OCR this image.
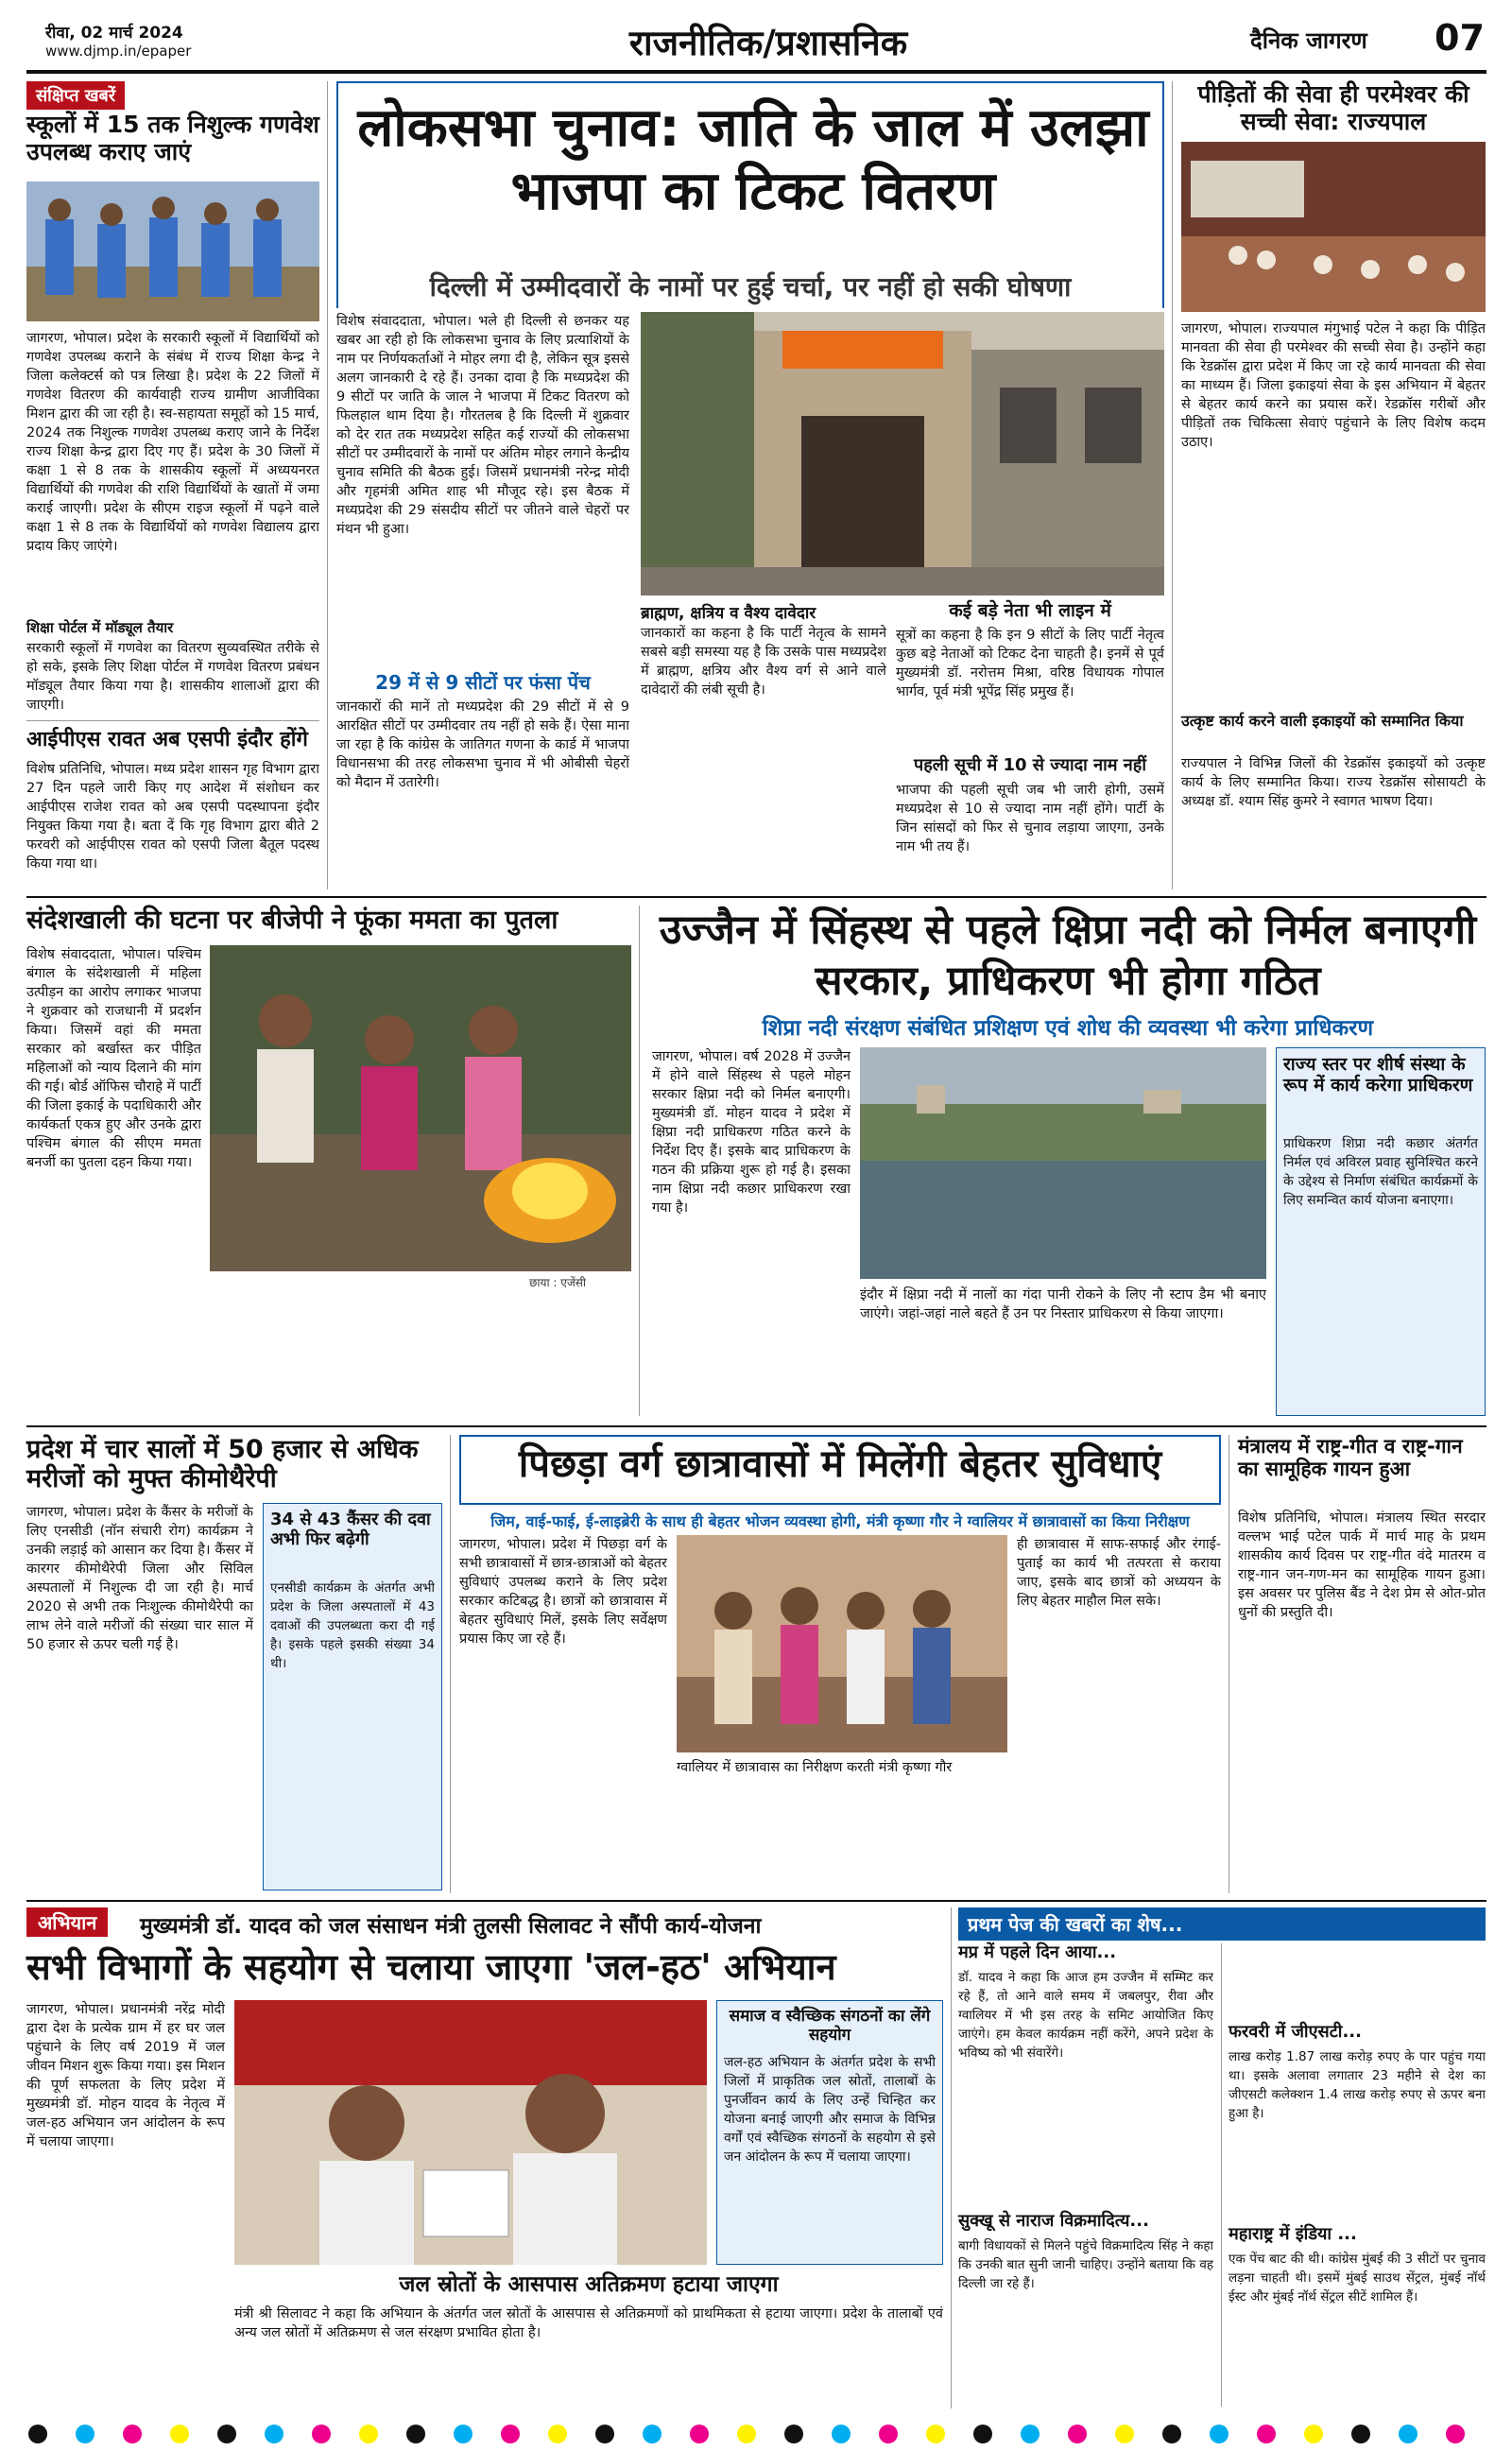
रीवा, 02 मार्च 2024
www.djmp.in/epaper	राजनीतिक/प्रशासनिक	दैनिक जागरण 07
संक्षिप्त खबरें
स्कूलों में 15 तक निशुल्क गणवेश उपलब्ध कराए जाएं
जागरण, भोपाल। प्रदेश के सरकारी स्कूलों में विद्यार्थियों को गणवेश उपलब्ध कराने के संबंध में राज्य शिक्षा केन्द्र ने जिला कलेक्टर्स को पत्र लिखा है। प्रदेश के 22 जिलों में गणवेश वितरण की कार्यवाही राज्य ग्रामीण आजीविका मिशन द्वारा की जा रही है। स्व-सहायता समूहों को 15 मार्च, 2024 तक निशुल्क गणवेश उपलब्ध कराए जाने के निर्देश राज्य शिक्षा केन्द्र द्वारा दिए गए हैं। प्रदेश के 30 जिलों में कक्षा 1 से 8 तक के शासकीय स्कूलों में अध्ययनरत विद्यार्थियों की गणवेश की राशि विद्यार्थियों के खातों में जमा कराई जाएगी। प्रदेश के सीएम राइज स्कूलों में पढ़ने वाले कक्षा 1 से 8 तक के विद्यार्थियों को गणवेश विद्यालय द्वारा प्रदाय किए जाएंगे।
शिक्षा पोर्टल में मॉड्यूल तैयार
सरकारी स्कूलों में गणवेश का वितरण सुव्यवस्थित तरीके से हो सके, इसके लिए शिक्षा पोर्टल में गणवेश वितरण प्रबंधन मॉड्यूल तैयार किया गया है। शासकीय शालाओं द्वारा की जाएगी।
आईपीएस रावत अब एसपी इंदौर होंगे
विशेष प्रतिनिधि, भोपाल। मध्य प्रदेश शासन गृह विभाग द्वारा 27 दिन पहले जारी किए गए आदेश में संशोधन कर आईपीएस राजेश रावत को अब एसपी पदस्थापना इंदौर नियुक्त किया गया है। बता दें कि गृह विभाग द्वारा बीते 2 फरवरी को आईपीएस रावत को एसपी जिला बैतूल पदस्थ किया गया था।
लोकसभा चुनाव: जाति के जाल में उलझा भाजपा का टिकट वितरण
दिल्ली में उम्मीदवारों के नामों पर हुई चर्चा, पर नहीं हो सकी घोषणा
विशेष संवाददाता, भोपाल। भले ही दिल्ली से छनकर यह खबर आ रही हो कि लोकसभा चुनाव के लिए प्रत्याशियों के नाम पर निर्णयकर्ताओं ने मोहर लगा दी है, लेकिन सूत्र इससे अलग जानकारी दे रहे हैं। उनका दावा है कि मध्यप्रदेश की 9 सीटों पर जाति के जाल ने भाजपा में टिकट वितरण को फिलहाल थाम दिया है। गौरतलब है कि दिल्ली में शुक्रवार को देर रात तक मध्यप्रदेश सहित कई राज्यों की लोकसभा सीटों पर उम्मीदवारों के नामों पर अंतिम मोहर लगाने केन्द्रीय चुनाव समिति की बैठक हुई। जिसमें प्रधानमंत्री नरेन्द्र मोदी और गृहमंत्री अमित शाह भी मौजूद रहे। इस बैठक में मध्यप्रदेश की 29 संसदीय सीटों पर जीतने वाले चेहरों पर मंथन भी हुआ।
29 में से 9 सीटों पर फंसा पेंच
जानकारों की मानें तो मध्यप्रदेश की 29 सीटों में से 9 आरक्षित सीटों पर उम्मीदवार तय नहीं हो सके हैं। ऐसा माना जा रहा है कि कांग्रेस के जातिगत गणना के कार्ड में भाजपा विधानसभा की तरह लोकसभा चुनाव में भी ओबीसी चेहरों को मैदान में उतारेगी।
ब्राह्मण, क्षत्रिय व वैश्य दावेदार
जानकारों का कहना है कि पार्टी नेतृत्व के सामने सबसे बड़ी समस्या यह है कि उसके पास मध्यप्रदेश में ब्राह्मण, क्षत्रिय और वैश्य वर्ग से आने वाले दावेदारों की लंबी सूची है।
कई बड़े नेता भी लाइन में
सूत्रों का कहना है कि इन 9 सीटों के लिए पार्टी नेतृत्व कुछ बड़े नेताओं को टिकट देना चाहती है। इनमें से पूर्व मुख्यमंत्री डॉ. नरोत्तम मिश्रा, वरिष्ठ विधायक गोपाल भार्गव, पूर्व मंत्री भूपेंद्र सिंह प्रमुख हैं।
पहली सूची में 10 से ज्यादा नाम नहीं
भाजपा की पहली सूची जब भी जारी होगी, उसमें मध्यप्रदेश से 10 से ज्यादा नाम नहीं होंगे। पार्टी के जिन सांसदों को फिर से चुनाव लड़ाया जाएगा, उनके नाम भी तय हैं।
पीड़ितों की सेवा ही परमेश्वर की सच्ची सेवा: राज्यपाल
जागरण, भोपाल। राज्यपाल मंगुभाई पटेल ने कहा कि पीड़ित मानवता की सेवा ही परमेश्वर की सच्ची सेवा है। उन्होंने कहा कि रेडक्रॉस द्वारा प्रदेश में किए जा रहे कार्य मानवता की सेवा का माध्यम हैं। जिला इकाइयां सेवा के इस अभियान में बेहतर से बेहतर कार्य करने का प्रयास करें। रेडक्रॉस गरीबों और पीड़ितों तक चिकित्सा सेवाएं पहुंचाने के लिए विशेष कदम उठाए।
उत्कृष्ट कार्य करने वाली इकाइयों को सम्मानित किया
राज्यपाल ने विभिन्न जिलों की रेडक्रॉस इकाइयों को उत्कृष्ट कार्य के लिए सम्मानित किया। राज्य रेडक्रॉस सोसायटी के अध्यक्ष डॉ. श्याम सिंह कुमरे ने स्वागत भाषण दिया।
संदेशखाली की घटना पर बीजेपी ने फूंका ममता का पुतला
विशेष संवाददाता, भोपाल। पश्चिम बंगाल के संदेशखाली में महिला उत्पीड़न का आरोप लगाकर भाजपा ने शुक्रवार को राजधानी में प्रदर्शन किया। जिसमें वहां की ममता सरकार को बर्खास्त कर पीड़ित महिलाओं को न्याय दिलाने की मांग की गई। बोर्ड ऑफिस चौराहे में पार्टी की जिला इकाई के पदाधिकारी और कार्यकर्ता एकत्र हुए और उनके द्वारा पश्चिम बंगाल की सीएम ममता बनर्जी का पुतला दहन किया गया।
छाया : एजेंसी
उज्जैन में सिंहस्थ से पहले क्षिप्रा नदी को निर्मल बनाएगी सरकार, प्राधिकरण भी होगा गठित
शिप्रा नदी संरक्षण संबंधित प्रशिक्षण एवं शोध की व्यवस्था भी करेगा प्राधिकरण
जागरण, भोपाल। वर्ष 2028 में उज्जैन में होने वाले सिंहस्थ से पहले मोहन सरकार क्षिप्रा नदी को निर्मल बनाएगी। मुख्यमंत्री डॉ. मोहन यादव ने प्रदेश में क्षिप्रा नदी प्राधिकरण गठित करने के निर्देश दिए हैं। इसके बाद प्राधिकरण के गठन की प्रक्रिया शुरू हो गई है। इसका नाम क्षिप्रा नदी कछार प्राधिकरण रखा गया है।
इंदौर में क्षिप्रा नदी में नालों का गंदा पानी रोकने के लिए नौ स्टाप डैम भी बनाए जाएंगे। जहां-जहां नाले बहते हैं उन पर निस्तार प्राधिकरण से किया जाएगा।
राज्य स्तर पर शीर्ष संस्था के रूप में कार्य करेगा प्राधिकरण
प्राधिकरण शिप्रा नदी कछार अंतर्गत निर्मल एवं अविरल प्रवाह सुनिश्चित करने के उद्देश्य से निर्माण संबंधित कार्यक्रमों के लिए समन्वित कार्य योजना बनाएगा।
प्रदेश में चार सालों में 50 हजार से अधिक मरीजों को मुफ्त कीमोथैरेपी
जागरण, भोपाल। प्रदेश के कैंसर के मरीजों के लिए एनसीडी (नॉन संचारी रोग) कार्यक्रम ने उनकी लड़ाई को आसान कर दिया है। कैंसर में कारगर कीमोथैरेपी जिला और सिविल अस्पतालों में निशुल्क दी जा रही है। मार्च 2020 से अभी तक निःशुल्क कीमोथैरेपी का लाभ लेने वाले मरीजों की संख्या चार साल में 50 हजार से ऊपर चली गई है।
34 से 43 कैंसर की दवा अभी फिर बढ़ेगी
एनसीडी कार्यक्रम के अंतर्गत अभी प्रदेश के जिला अस्पतालों में 43 दवाओं की उपलब्धता करा दी गई है। इसके पहले इसकी संख्या 34 थी।
पिछड़ा वर्ग छात्रावासों में मिलेंगी बेहतर सुविधाएं
जिम, वाई-फाई, ई-लाइब्रेरी के साथ ही बेहतर भोजन व्यवस्था होगी, मंत्री कृष्णा गौर ने ग्वालियर में छात्रावासों का किया निरीक्षण
जागरण, भोपाल। प्रदेश में पिछड़ा वर्ग के सभी छात्रावासों में छात्र-छात्राओं को बेहतर सुविधाएं उपलब्ध कराने के लिए प्रदेश सरकार कटिबद्ध है। छात्रों को छात्रावास में बेहतर सुविधाएं मिलें, इसके लिए सर्वेक्षण प्रयास किए जा रहे हैं।
ग्वालियर में छात्रावास का निरीक्षण करती मंत्री कृष्णा गौर
ही छात्रावास में साफ-सफाई और रंगाई-पुताई का कार्य भी तत्परता से कराया जाए, इसके बाद छात्रों को अध्ययन के लिए बेहतर माहौल मिल सके।
मंत्रालय में राष्ट्र-गीत व राष्ट्र-गान का सामूहिक गायन हुआ
विशेष प्रतिनिधि, भोपाल। मंत्रालय स्थित सरदार वल्लभ भाई पटेल पार्क में मार्च माह के प्रथम शासकीय कार्य दिवस पर राष्ट्र-गीत वंदे मातरम व राष्ट्र-गान जन-गण-मन का सामूहिक गायन हुआ। इस अवसर पर पुलिस बैंड ने देश प्रेम से ओत-प्रोत धुनों की प्रस्तुति दी।
अभियान	मुख्यमंत्री डॉ. यादव को जल संसाधन मंत्री तुलसी सिलावट ने सौंपी कार्य-योजना
सभी विभागों के सहयोग से चलाया जाएगा 'जल-हठ' अभियान
जागरण, भोपाल। प्रधानमंत्री नरेंद्र मोदी द्वारा देश के प्रत्येक ग्राम में हर घर जल पहुंचाने के लिए वर्ष 2019 में जल जीवन मिशन शुरू किया गया। इस मिशन की पूर्ण सफलता के लिए प्रदेश में मुख्यमंत्री डॉ. मोहन यादव के नेतृत्व में जल-हठ अभियान जन आंदोलन के रूप में चलाया जाएगा।
समाज व स्वैच्छिक संगठनों का लेंगे सहयोग
जल-हठ अभियान के अंतर्गत प्रदेश के सभी जिलों में प्राकृतिक जल स्रोतों, तालाबों के पुनर्जीवन कार्य के लिए उन्हें चिन्हित कर योजना बनाई जाएगी और समाज के विभिन्न वर्गों एवं स्वैच्छिक संगठनों के सहयोग से इसे जन आंदोलन के रूप में चलाया जाएगा।
जल स्रोतों के आसपास अतिक्रमण हटाया जाएगा
मंत्री श्री सिलावट ने कहा कि अभियान के अंतर्गत जल स्रोतों के आसपास से अतिक्रमणों को प्राथमिकता से हटाया जाएगा। प्रदेश के तालाबों एवं अन्य जल स्रोतों में अतिक्रमण से जल संरक्षण प्रभावित होता है।
प्रथम पेज की खबरों का शेष...
मप्र में पहले दिन आया...
डॉ. यादव ने कहा कि आज हम उज्जैन में सम्मिट कर रहे हैं, तो आने वाले समय में जबलपुर, रीवा और ग्वालियर में भी इस तरह के समिट आयोजित किए जाएंगे। हम केवल कार्यक्रम नहीं करेंगे, अपने प्रदेश के भविष्य को भी संवारेंगे।
सुक्खू से नाराज विक्रमादित्य...
बागी विधायकों से मिलने पहुंचे विक्रमादित्य सिंह ने कहा कि उनकी बात सुनी जानी चाहिए। उन्होंने बताया कि वह दिल्ली जा रहे हैं।
फरवरी में जीएसटी...
लाख करोड़ 1.87 लाख करोड़ रुपए के पार पहुंच गया था। इसके अलावा लगातार 23 महीने से देश का जीएसटी कलेक्शन 1.4 लाख करोड़ रुपए से ऊपर बना हुआ है।
महाराष्ट्र में इंडिया ...
एक पेंच बाट की थी। कांग्रेस मुंबई की 3 सीटों पर चुनाव लड़ना चाहती थी। इसमें मुंबई साउथ सेंट्रल, मुंबई नॉर्थ ईस्ट और मुंबई नॉर्थ सेंट्रल सीटें शामिल हैं।
